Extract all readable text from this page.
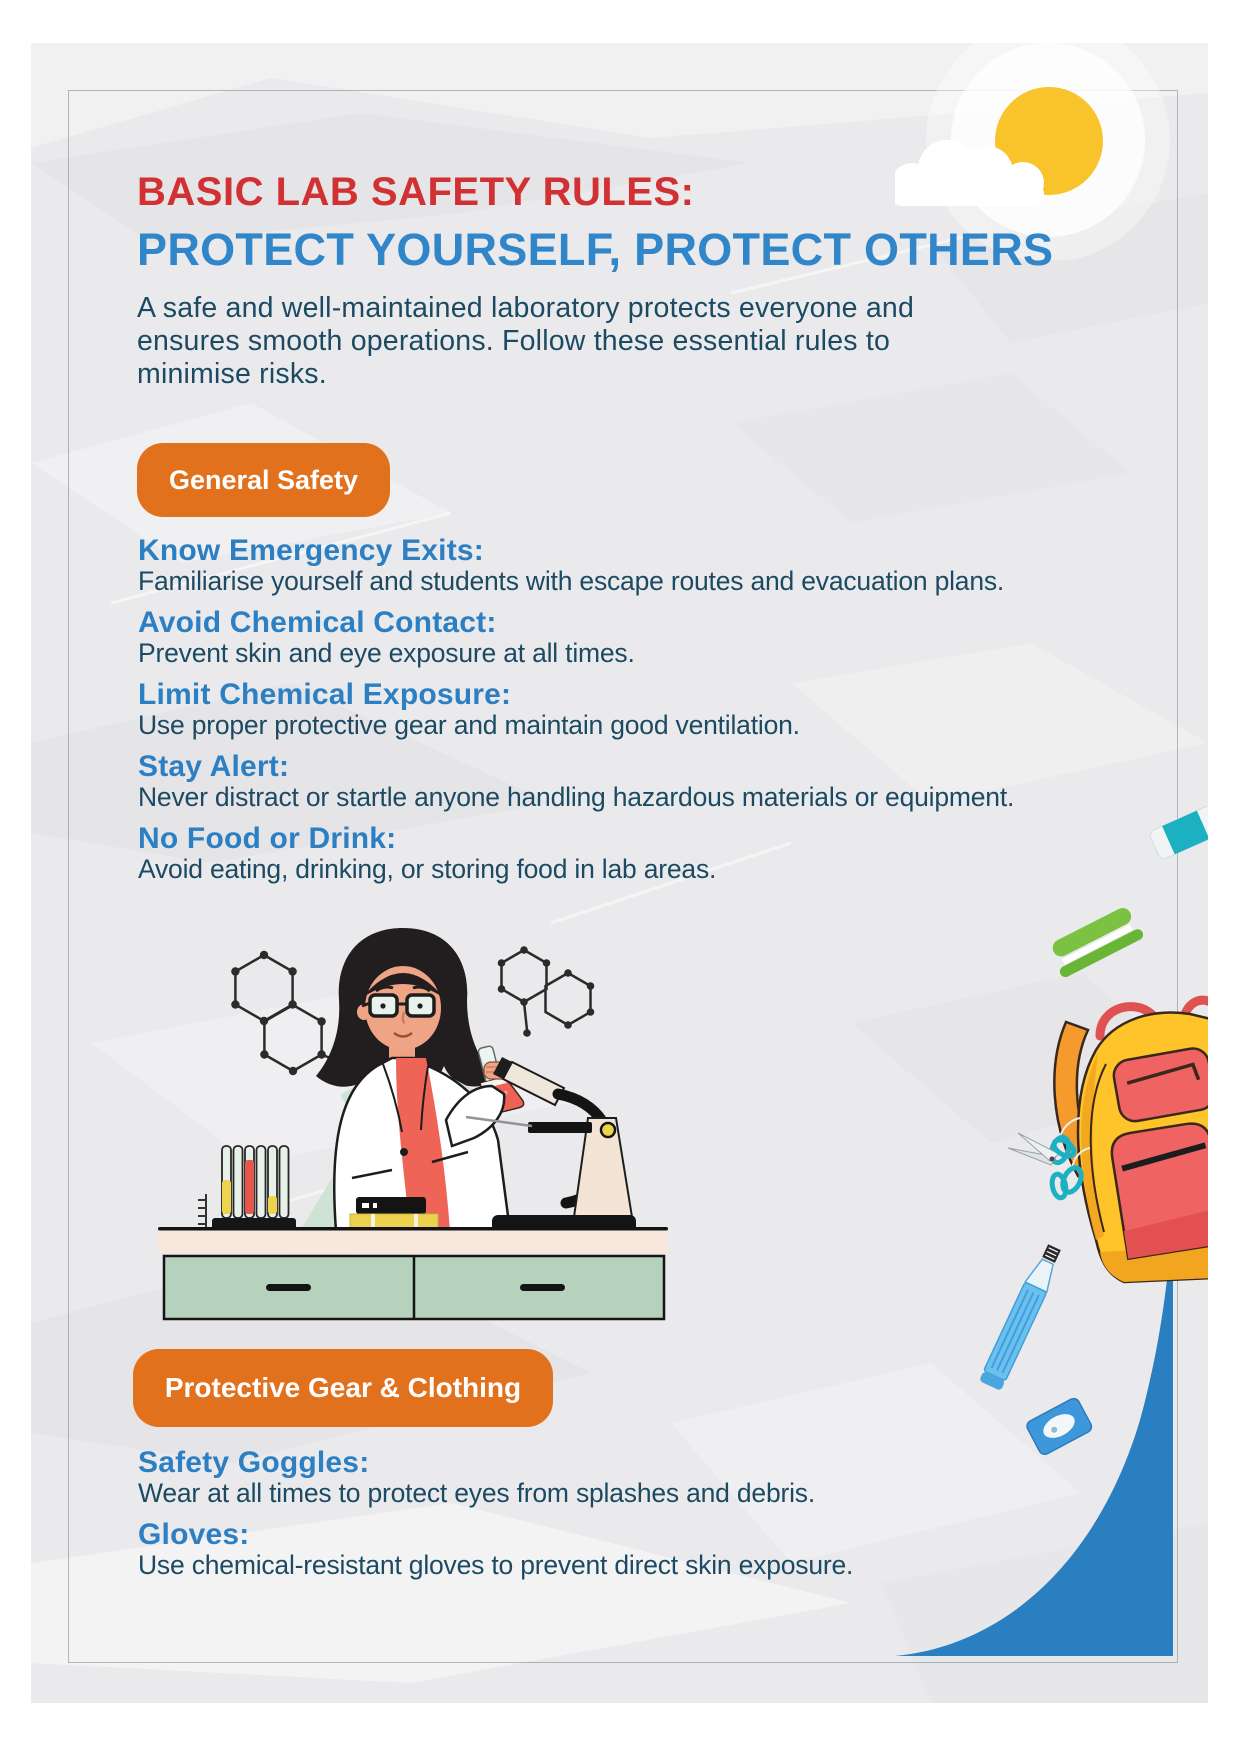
BASIC LAB SAFETY RULES:
PROTECT YOURSELF, PROTECT OTHERS
A safe and well-maintained laboratory protects everyone and
ensures smooth operations. Follow these essential rules to
minimise risks.
General Safety
Know Emergency Exits:
Familiarise yourself and students with escape routes and evacuation plans.
Avoid Chemical Contact:
Prevent skin and eye exposure at all times.
Limit Chemical Exposure:
Use proper protective gear and maintain good ventilation.
Stay Alert:
Never distract or startle anyone handling hazardous materials or equipment.
No Food or Drink:
Avoid eating, drinking, or storing food in lab areas.
Protective Gear & Clothing
Safety Goggles:
Wear at all times to protect eyes from splashes and debris.
Gloves:
Use chemical-resistant gloves to prevent direct skin exposure.
